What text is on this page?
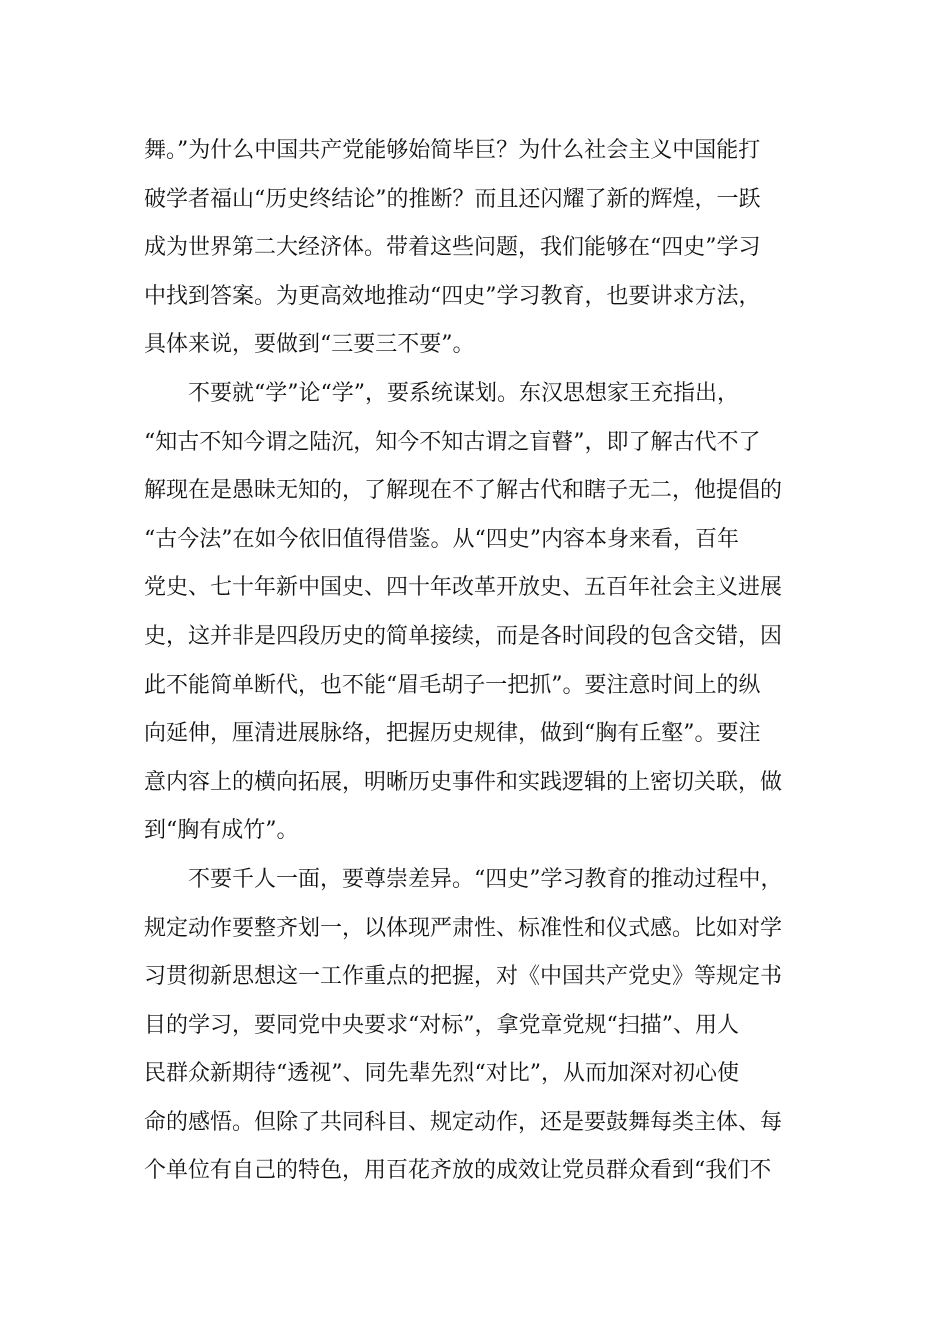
舞。”为什么中国共产党能够始简毕巨？为什么社会主义中国能打
破学者福山“历史终结论”的推断？而且还闪耀了新的辉煌，一跃
成为世界第二大经济体。带着这些问题，我们能够在“四史”学习
中找到答案。为更高效地推动“四史”学习教育，也要讲求方法，
具体来说，要做到“三要三不要”。
不要就“学”论“学”，要系统谋划。东汉思想家王充指出，
“知古不知今谓之陆沉，知今不知古谓之盲瞽”，即了解古代不了
解现在是愚昧无知的，了解现在不了解古代和瞎子无二，他提倡的
“古今法”在如今依旧值得借鉴。从“四史”内容本身来看，百年
党史、七十年新中国史、四十年改革开放史、五百年社会主义进展
史，这并非是四段历史的简单接续，而是各时间段的包含交错，因
此不能简单断代，也不能“眉毛胡子一把抓”。要注意时间上的纵
向延伸，厘清进展脉络，把握历史规律，做到“胸有丘壑”。要注
意内容上的横向拓展，明晰历史事件和实践逻辑的上密切关联，做
到“胸有成竹”。
不要千人一面，要尊崇差异。“四史”学习教育的推动过程中，
规定动作要整齐划一，以体现严肃性、标准性和仪式感。比如对学
习贯彻新思想这一工作重点的把握，对《中国共产党史》等规定书
目的学习，要同党中央要求“对标”，拿党章党规“扫描”、用人
民群众新期待“透视”、同先辈先烈“对比”，从而加深对初心使
命的感悟。但除了共同科目、规定动作，还是要鼓舞每类主体、每
个单位有自己的特色，用百花齐放的成效让党员群众看到“我们不
